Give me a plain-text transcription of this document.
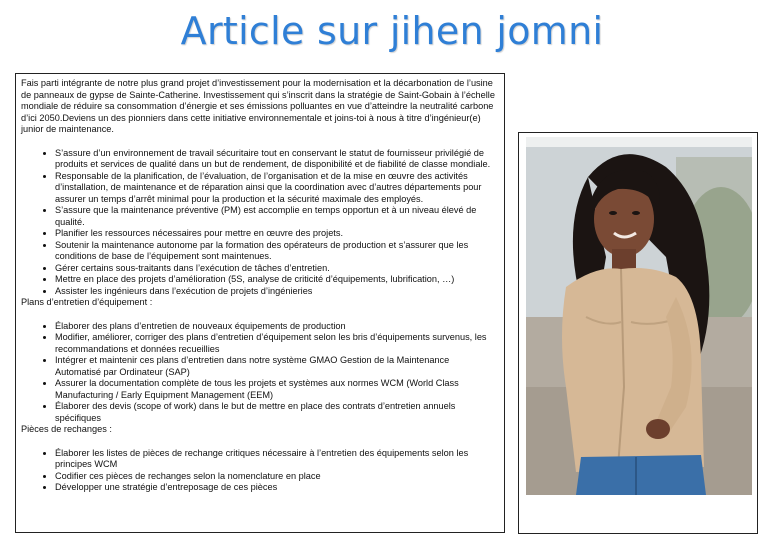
Article sur jihen jomni

Fais parti intégrante de notre plus grand projet d’investissement pour la modernisation et la décarbonation de l’usine de panneaux de gypse de Sainte-Catherine. Investissement qui s’inscrit dans la stratégie de Saint-Gobain à l’échelle mondiale de réduire sa consommation d’énergie et ses émissions polluantes en vue d’atteindre la neutralité carbone d’ici 2050.Deviens un des pionniers dans cette initiative environnementale et joins-toi à nous à titre d’ingénieur(e) junior de maintenance.

• S’assure d’un environnement de travail sécuritaire tout en conservant le statut de fournisseur privilégié de produits et services de qualité dans un but de rendement, de disponibilité et de fiabilité de classe mondiale.
• Responsable de la planification, de l’évaluation, de l’organisation et de la mise en œuvre des activités d’installation, de maintenance et de réparation ainsi que la coordination avec d’autres départements pour assurer un temps d’arrêt minimal pour la production et la sécurité maximale des employés.
• S’assure que la maintenance préventive (PM) est accomplie en temps opportun et à un niveau élevé de qualité.
• Planifier les ressources nécessaires pour mettre en œuvre des projets.
• Soutenir la maintenance autonome par la formation des opérateurs de production et s’assurer que les conditions de base de l’équipement sont maintenues.
• Gérer certains sous-traitants dans l’exécution de tâches d’entretien.
• Mettre en place des projets d’amélioration (5S, analyse de criticité d’équipements, lubrification, …)
• Assister les ingénieurs dans l’exécution de projets d’ingénieries

Plans d’entretien d’équipement :

• Élaborer des plans d’entretien de nouveaux équipements de production
• Modifier, améliorer, corriger des plans d’entretien d’équipement selon les bris d’équipements survenus, les recommandations et données recueillies
• Intégrer et maintenir ces plans d’entretien dans notre système GMAO Gestion de la Maintenance Automatisé par Ordinateur (SAP)
• Assurer la documentation complète de tous les projets et systèmes aux normes WCM (World Class Manufacturing / Early Equipment Management (EEM)
• Élaborer des devis (scope of work) dans le but de mettre en place des contrats d’entretien annuels spécifiques

Pièces de rechanges :

• Élaborer les listes de pièces de rechange critiques nécessaire à l’entretien des équipements selon les principes WCM
• Codifier ces pièces de rechanges selon la nomenclature en place
• Développer une stratégie d’entreposage de ces pièces
